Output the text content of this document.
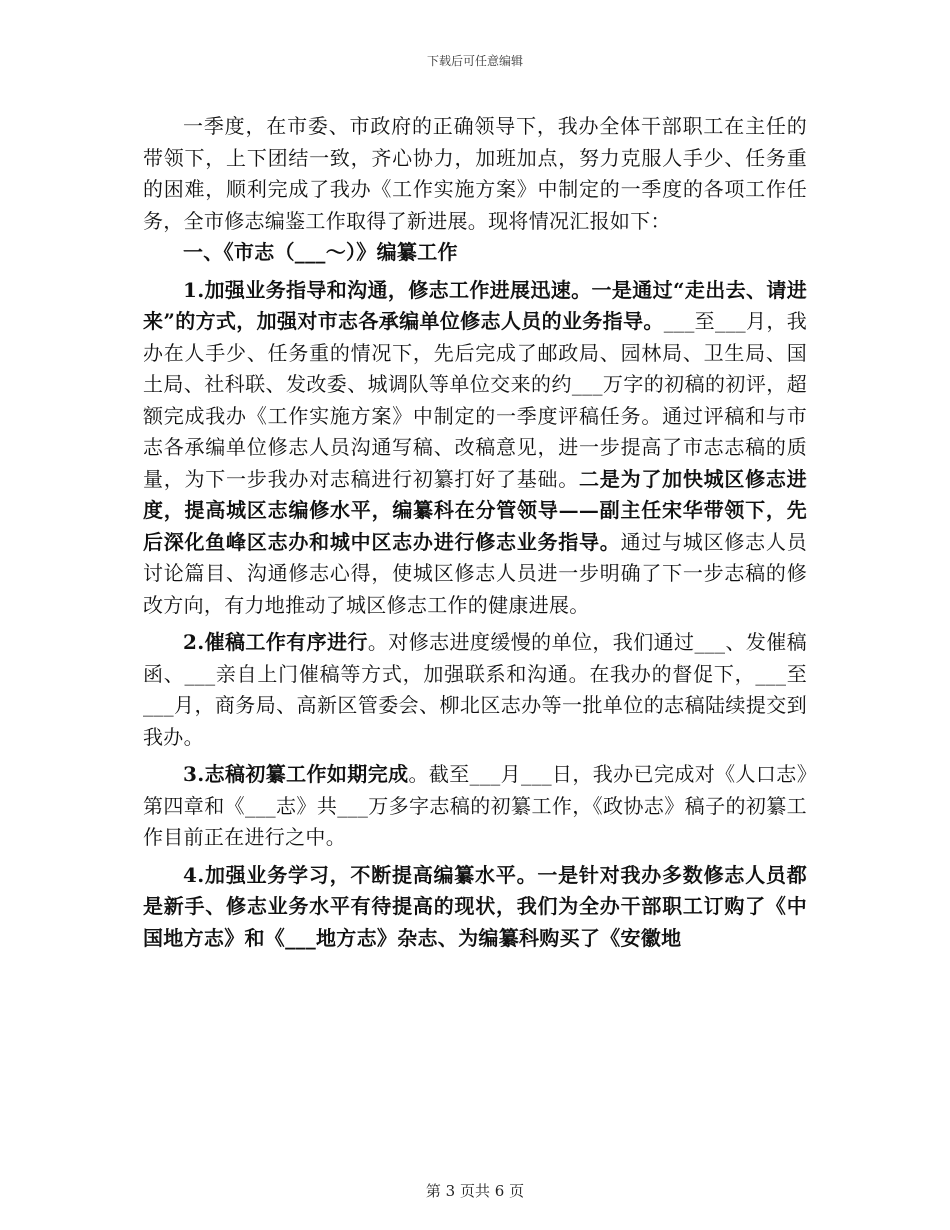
下载后可任意编辑

一季度，在市委、市政府的正确领导下，我办全体干部职工在主任的带领下，上下团结一致，齐心协力，加班加点，努力克服人手少、任务重的困难，顺利完成了我办《工作实施方案》中制定的一季度的各项工作任务，全市修志编鉴工作取得了新进展。现将情况汇报如下：

一、《市志（___～）》编纂工作

1.加强业务指导和沟通，修志工作进展迅速。一是通过“走出去、请进来”的方式，加强对市志各承编单位修志人员的业务指导。___至___月，我办在人手少、任务重的情况下，先后完成了邮政局、园林局、卫生局、国土局、社科联、发改委、城调队等单位交来的约___万字的初稿的初评，超额完成我办《工作实施方案》中制定的一季度评稿任务。通过评稿和与市志各承编单位修志人员沟通写稿、改稿意见，进一步提高了市志志稿的质量，为下一步我办对志稿进行初纂打好了基础。二是为了加快城区修志进度，提高城区志编修水平，编纂科在分管领导——副主任宋华带领下，先后深化鱼峰区志办和城中区志办进行修志业务指导。通过与城区修志人员讨论篇目、沟通修志心得，使城区修志人员进一步明确了下一步志稿的修改方向，有力地推动了城区修志工作的健康进展。

2.催稿工作有序进行。对修志进度缓慢的单位，我们通过___、发催稿函、___亲自上门催稿等方式，加强联系和沟通。在我办的督促下，___至___月，商务局、高新区管委会、柳北区志办等一批单位的志稿陆续提交到我办。

3.志稿初纂工作如期完成。截至___月___日，我办已完成对《人口志》第四章和《___志》共___万多字志稿的初纂工作，《政协志》稿子的初纂工作目前正在进行之中。

4.加强业务学习，不断提高编纂水平。一是针对我办多数修志人员都是新手、修志业务水平有待提高的现状，我们为全办干部职工订购了《中国地方志》和《___地方志》杂志、为编纂科购买了《安徽地

第 3 页共 6 页
